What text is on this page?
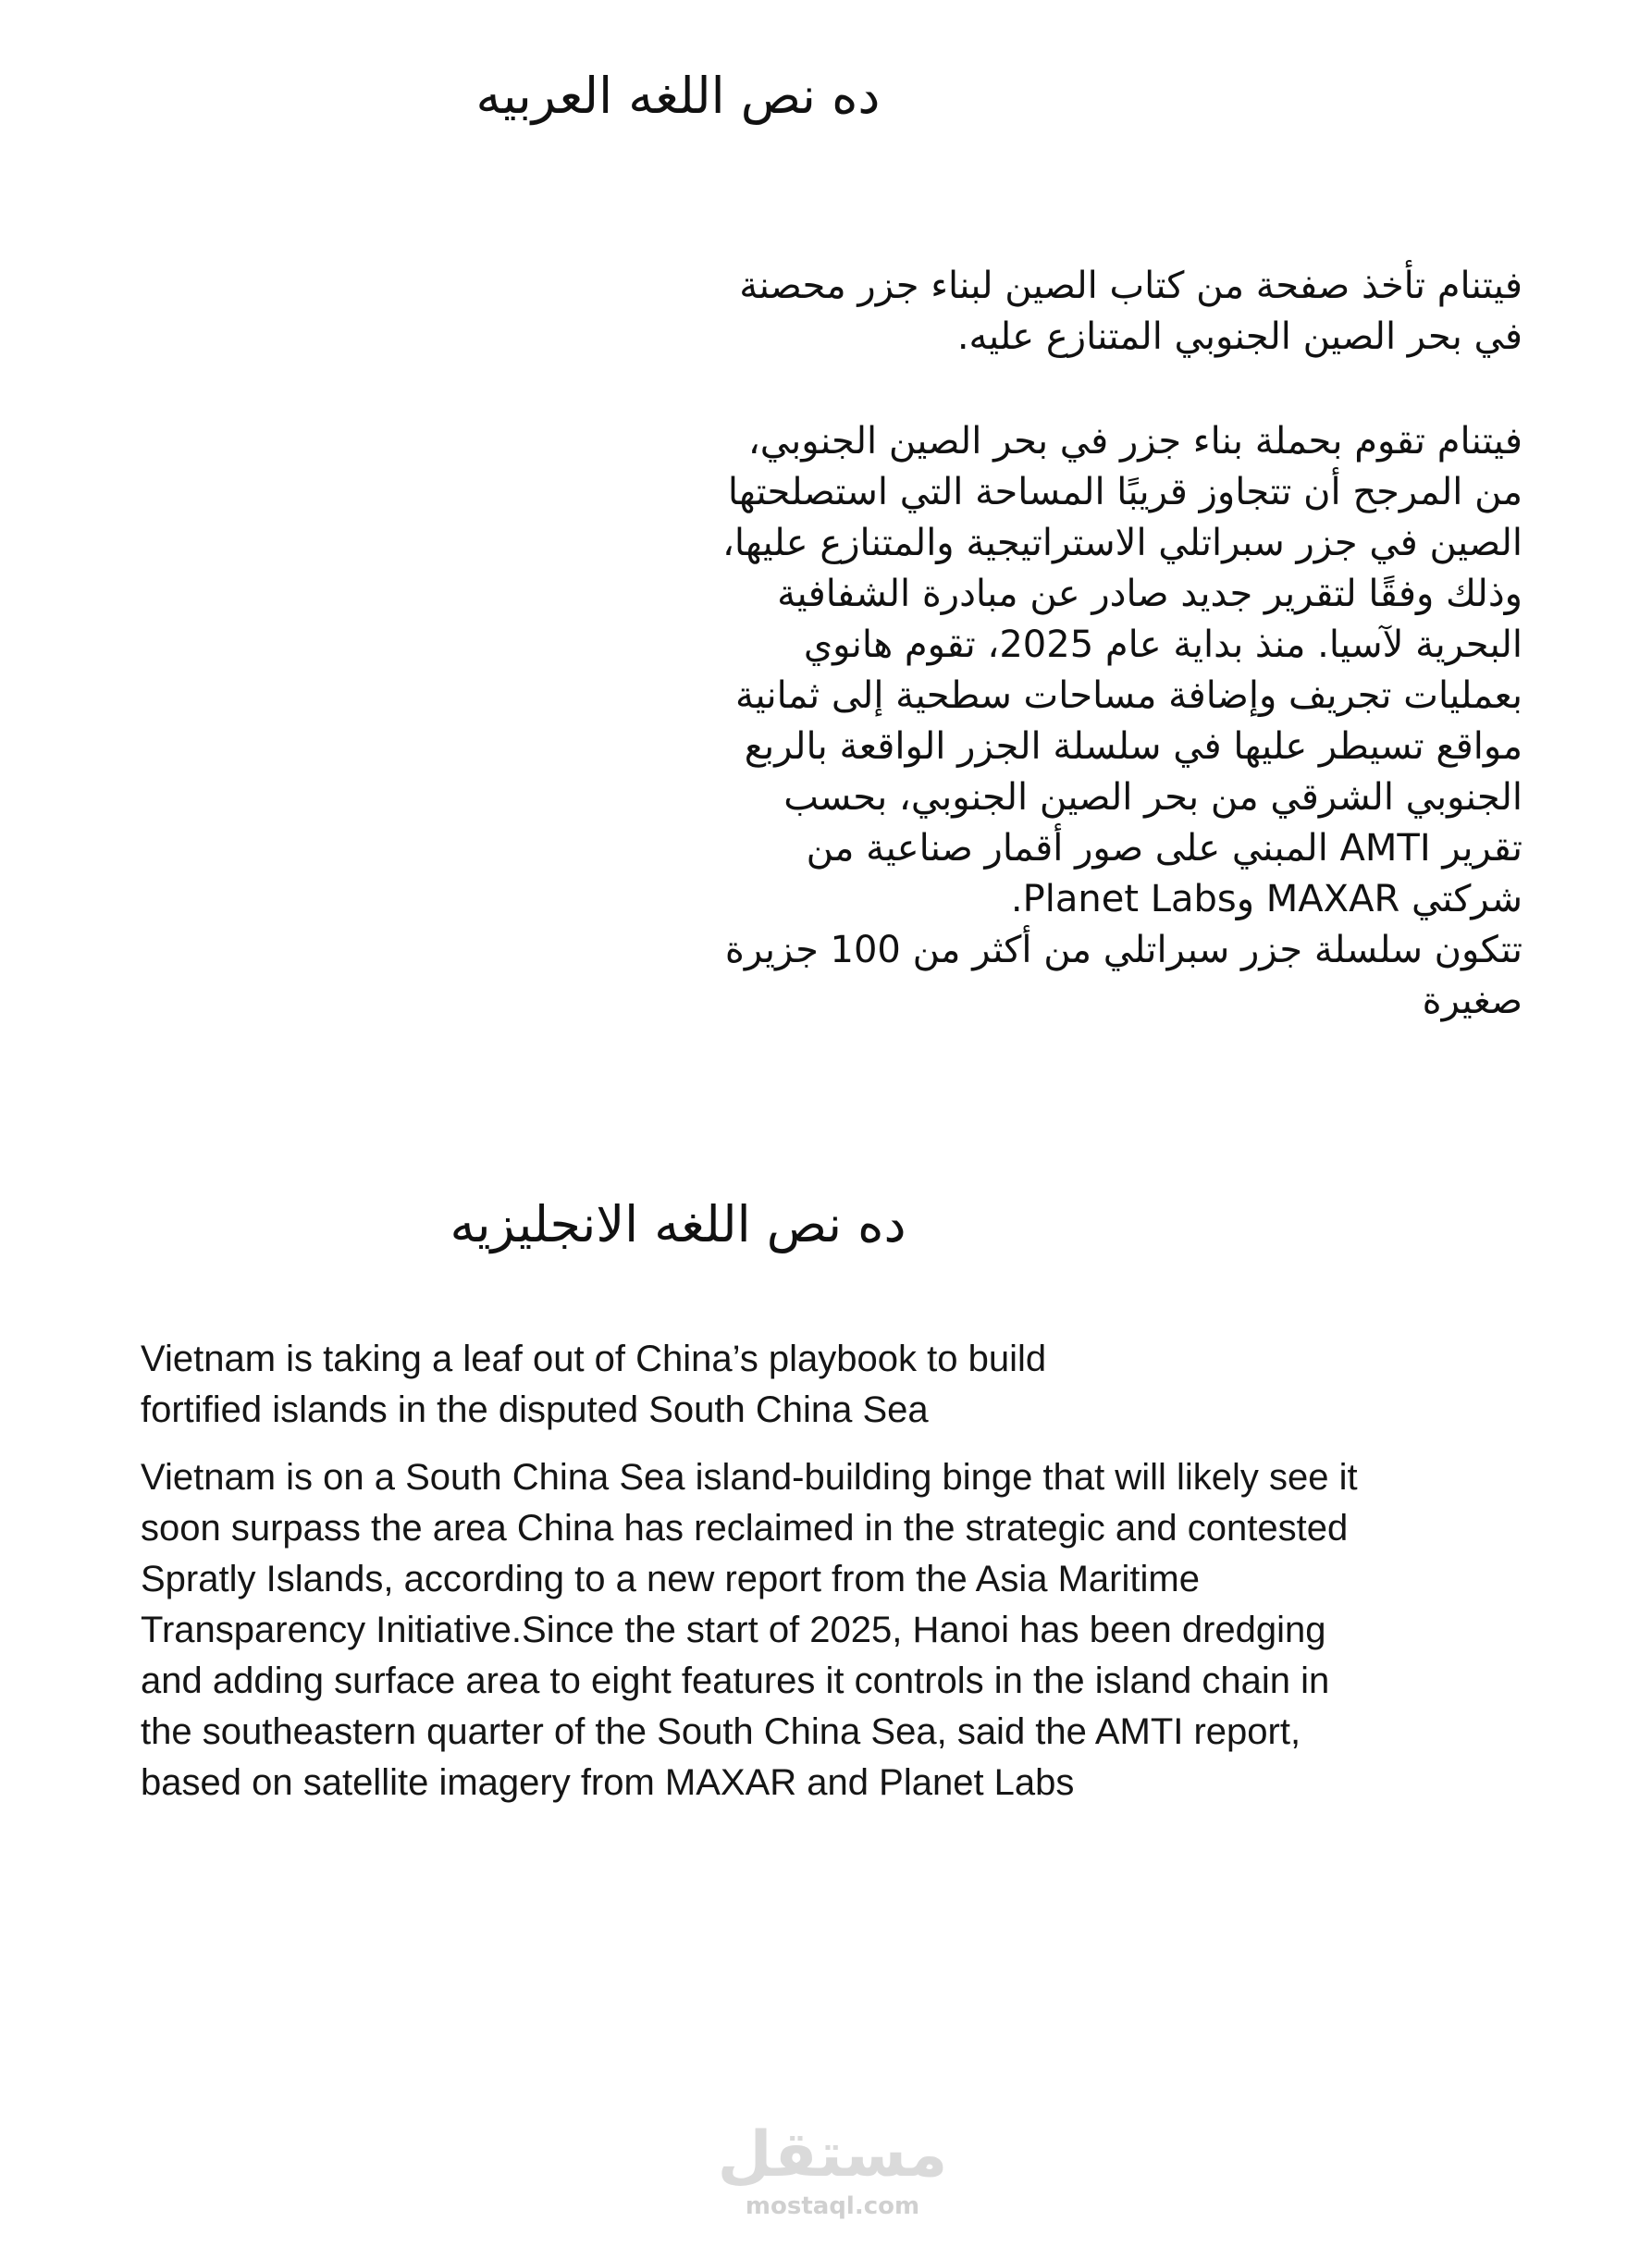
ده نص اللغه العربيه

فيتنام تأخذ صفحة من كتاب الصين لبناء جزر محصنة
في بحر الصين الجنوبي المتنازع عليه.

فيتنام تقوم بحملة بناء جزر في بحر الصين الجنوبي،
من المرجح أن تتجاوز قريبًا المساحة التي استصلحتها
الصين في جزر سبراتلي الاستراتيجية والمتنازع عليها،
وذلك وفقًا لتقرير جديد صادر عن مبادرة الشفافية
البحرية لآسيا. منذ بداية عام 2025، تقوم هانوي
بعمليات تجريف وإضافة مساحات سطحية إلى ثمانية
مواقع تسيطر عليها في سلسلة الجزر الواقعة بالربع
الجنوبي الشرقي من بحر الصين الجنوبي، بحسب
تقرير AMTI المبني على صور أقمار صناعية من
شركتي MAXAR وPlanet Labs.
تتكون سلسلة جزر سبراتلي من أكثر من 100 جزيرة
صغيرة

ده نص اللغه الانجليزيه

Vietnam is taking a leaf out of China’s playbook to build
fortified islands in the disputed South China Sea

Vietnam is on a South China Sea island-building binge that will likely see it
soon surpass the area China has reclaimed in the strategic and contested
Spratly Islands, according to a new report from the Asia Maritime
Transparency Initiative.Since the start of 2025, Hanoi has been dredging
and adding surface area to eight features it controls in the island chain in
the southeastern quarter of the South China Sea, said the AMTI report,
based on satellite imagery from MAXAR and Planet Labs

مستقل
mostaql.com
